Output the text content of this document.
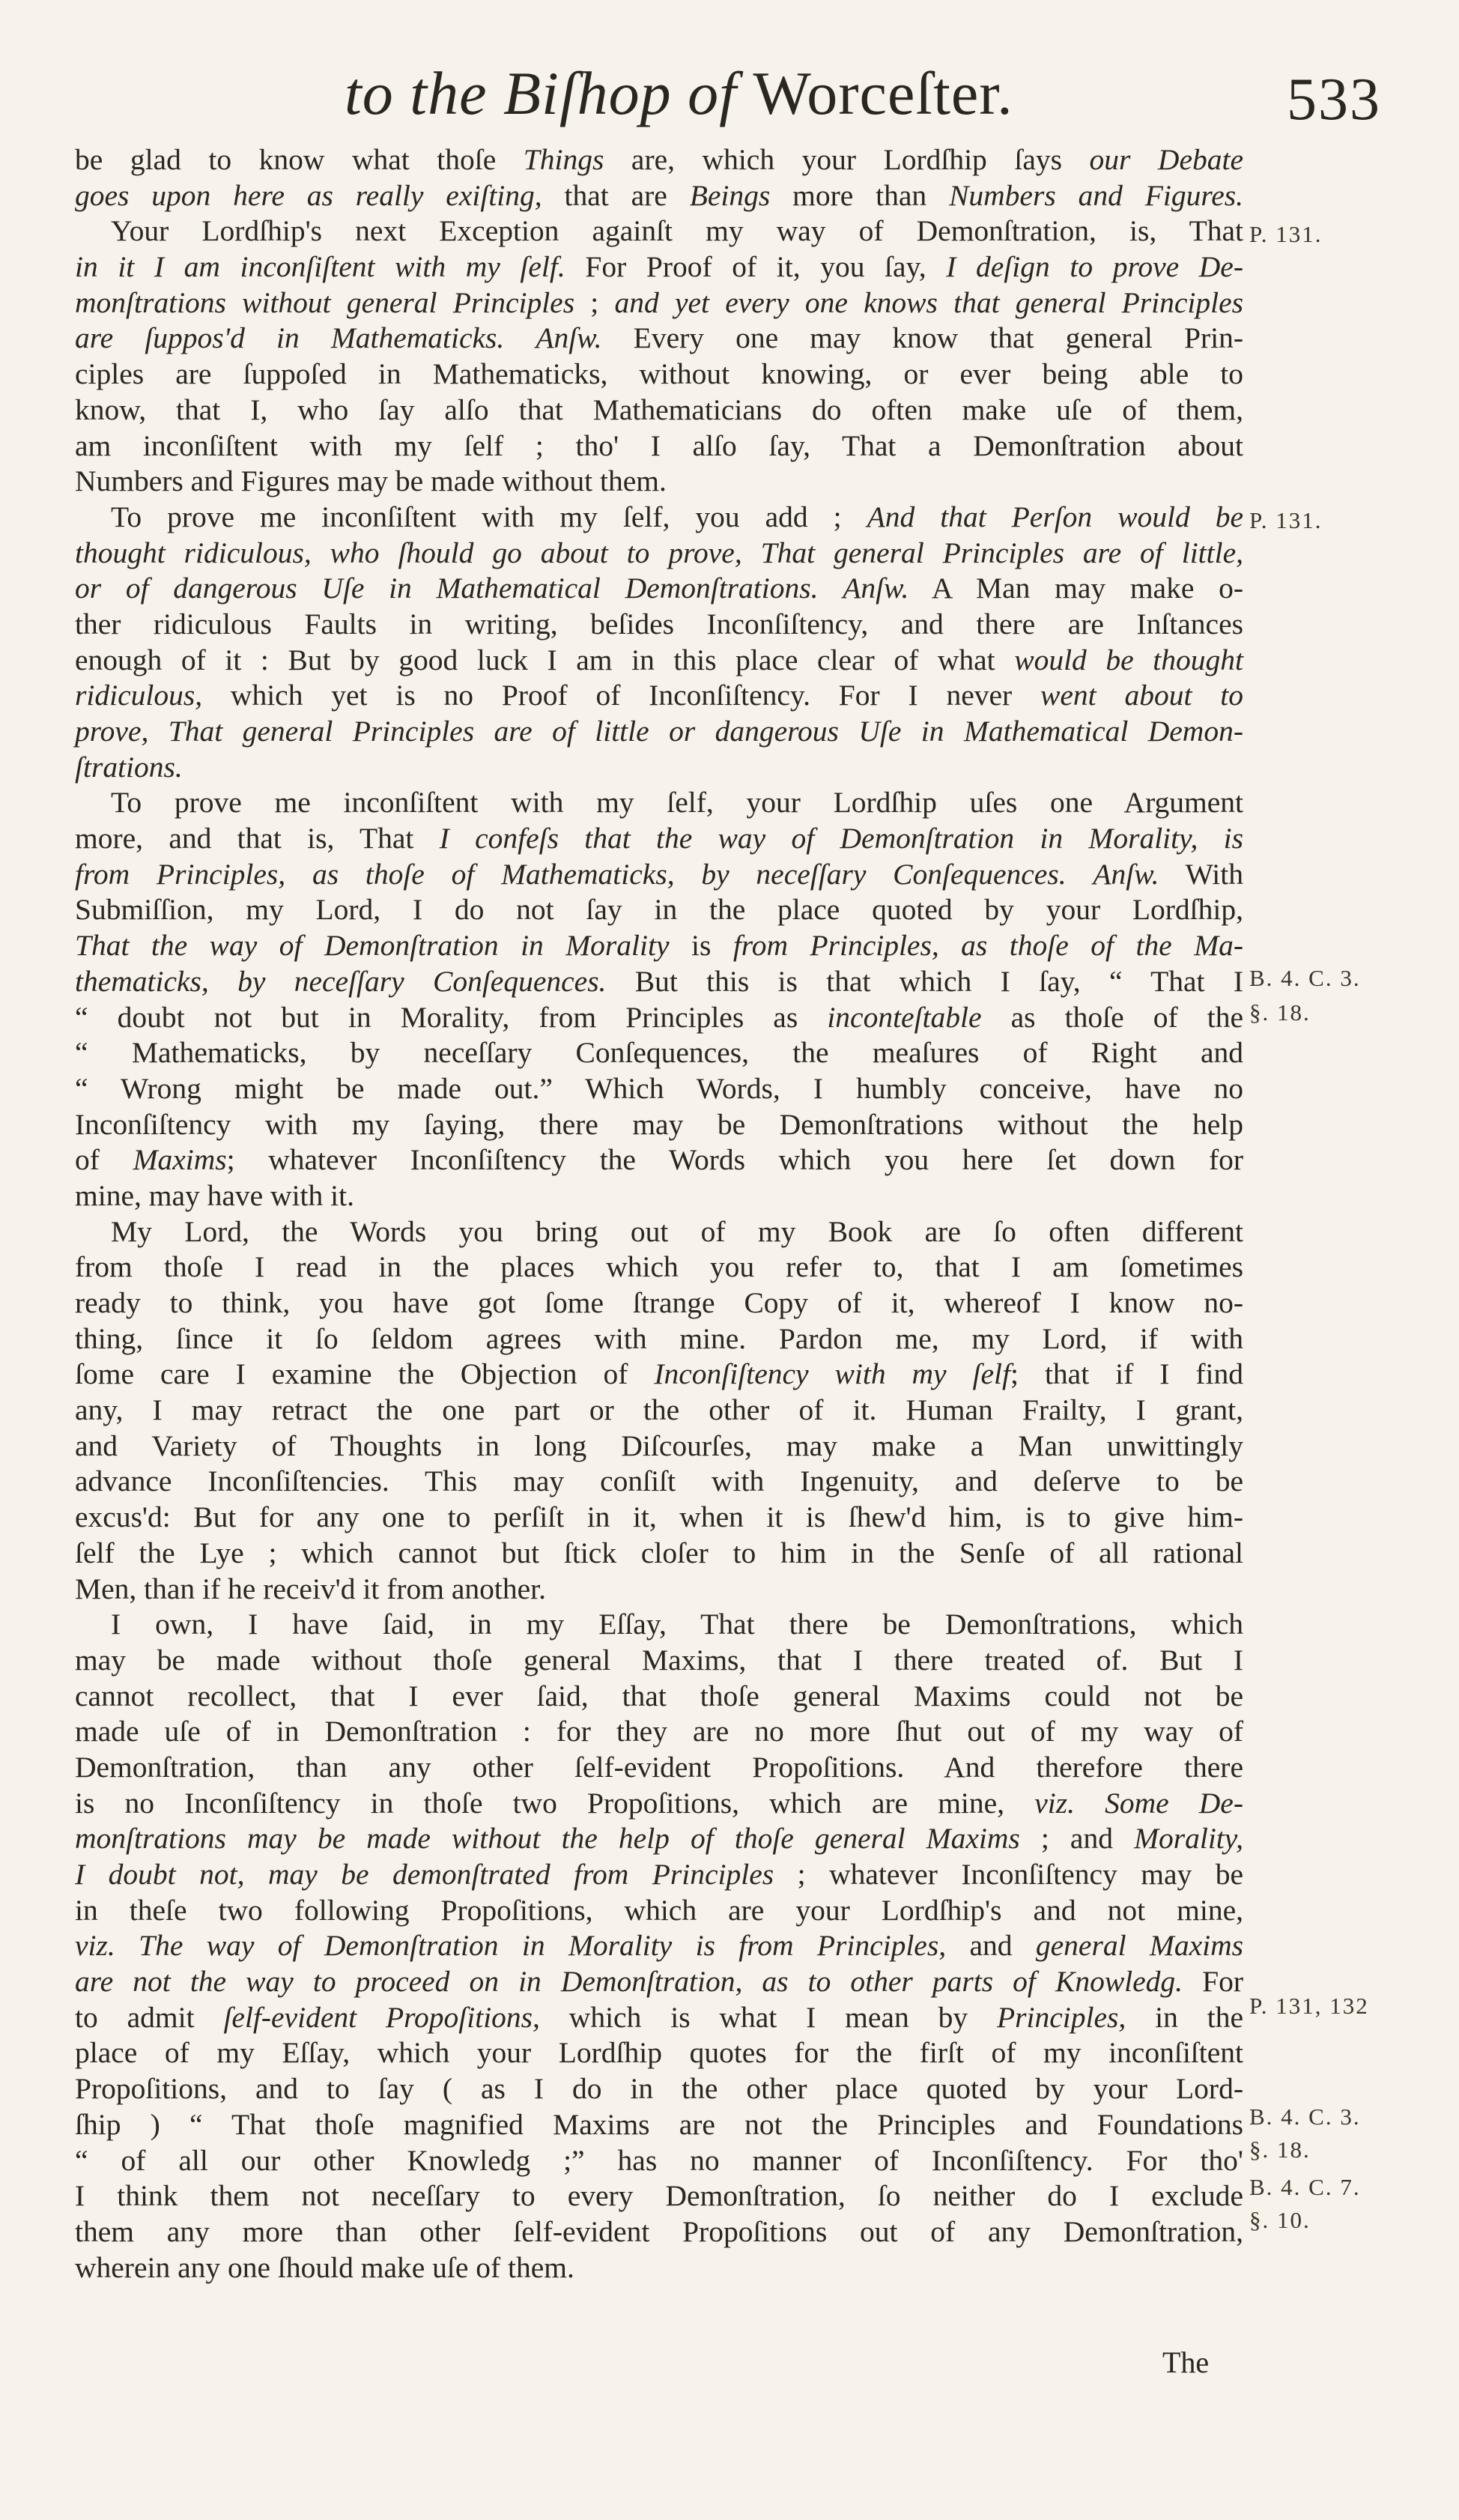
to the Biſhop of Worceſter.	533
be glad to know what thoſe Things are, which your Lordſhip ſays our Debate
goes upon here as really exiſting, that are Beings more than Numbers and Figures.
Your Lordſhip's next Exception againſt my way of Demonſtration, is, That
in it I am inconſiſtent with my ſelf. For Proof of it, you ſay, I deſign to prove De-
monſtrations without general Principles ; and yet every one knows that general Principles
are ſuppos'd in Mathematicks. Anſw. Every one may know that general Prin-
ciples are ſuppoſed in Mathematicks, without knowing, or ever being able to
know, that I, who ſay alſo that Mathematicians do often make uſe of them,
am inconſiſtent with my ſelf ; tho' I alſo ſay, That a Demonſtration about
Numbers and Figures may be made without them.
To prove me inconſiſtent with my ſelf, you add ; And that Perſon would be
thought ridiculous, who ſhould go about to prove, That general Principles are of little,
or of dangerous Uſe in Mathematical Demonſtrations. Anſw. A Man may make o-
ther ridiculous Faults in writing, beſides Inconſiſtency, and there are Inſtances
enough of it : But by good luck I am in this place clear of what would be thought
ridiculous, which yet is no Proof of Inconſiſtency. For I never went about to
prove, That general Principles are of little or dangerous Uſe in Mathematical Demon-
ſtrations.
To prove me inconſiſtent with my ſelf, your Lordſhip uſes one Argument
more, and that is, That I confeſs that the way of Demonſtration in Morality, is
from Principles, as thoſe of Mathematicks, by neceſſary Conſequences. Anſw. With
Submiſſion, my Lord, I do not ſay in the place quoted by your Lordſhip,
That the way of Demonſtration in Morality is from Principles, as thoſe of the Ma-
thematicks, by neceſſary Conſequences. But this is that which I ſay, “ That I
“ doubt not but in Morality, from Principles as inconteſtable as thoſe of the
“ Mathematicks, by neceſſary Conſequences, the meaſures of Right and
“ Wrong might be made out.” Which Words, I humbly conceive, have no
Inconſiſtency with my ſaying, there may be Demonſtrations without the help
of Maxims; whatever Inconſiſtency the Words which you here ſet down for
mine, may have with it.
My Lord, the Words you bring out of my Book are ſo often different
from thoſe I read in the places which you refer to, that I am ſometimes
ready to think, you have got ſome ſtrange Copy of it, whereof I know no-
thing, ſince it ſo ſeldom agrees with mine. Pardon me, my Lord, if with
ſome care I examine the Objection of Inconſiſtency with my ſelf; that if I find
any, I may retract the one part or the other of it. Human Frailty, I grant,
and Variety of Thoughts in long Diſcourſes, may make a Man unwittingly
advance Inconſiſtencies. This may conſiſt with Ingenuity, and deſerve to be
excus'd: But for any one to perſiſt in it, when it is ſhew'd him, is to give him-
ſelf the Lye ; which cannot but ſtick cloſer to him in the Senſe of all rational
Men, than if he receiv'd it from another.
I own, I have ſaid, in my Eſſay, That there be Demonſtrations, which
may be made without thoſe general Maxims, that I there treated of. But I
cannot recollect, that I ever ſaid, that thoſe general Maxims could not be
made uſe of in Demonſtration : for they are no more ſhut out of my way of
Demonſtration, than any other ſelf-evident Propoſitions. And therefore there
is no Inconſiſtency in thoſe two Propoſitions, which are mine, viz. Some De-
monſtrations may be made without the help of thoſe general Maxims ; and Morality,
I doubt not, may be demonſtrated from Principles ; whatever Inconſiſtency may be
in theſe two following Propoſitions, which are your Lordſhip's and not mine,
viz. The way of Demonſtration in Morality is from Principles, and general Maxims
are not the way to proceed on in Demonſtration, as to other parts of Knowledg. For
to admit ſelf-evident Propoſitions, which is what I mean by Principles, in the
place of my Eſſay, which your Lordſhip quotes for the firſt of my inconſiſtent
Propoſitions, and to ſay ( as I do in the other place quoted by your Lord-
ſhip ) “ That thoſe magnified Maxims are not the Principles and Foundations
“ of all our other Knowledg ;” has no manner of Inconſiſtency. For tho'
I think them not neceſſary to every Demonſtration, ſo neither do I exclude
them any more than other ſelf-evident Propoſitions out of any Demonſtration,
wherein any one ſhould make uſe of them.
P. 131.
P. 131.
B. 4. C. 3.
§. 18.
P. 131, 132
B. 4. C. 3.
§. 18.
B. 4. C. 7.
§. 10.
The
